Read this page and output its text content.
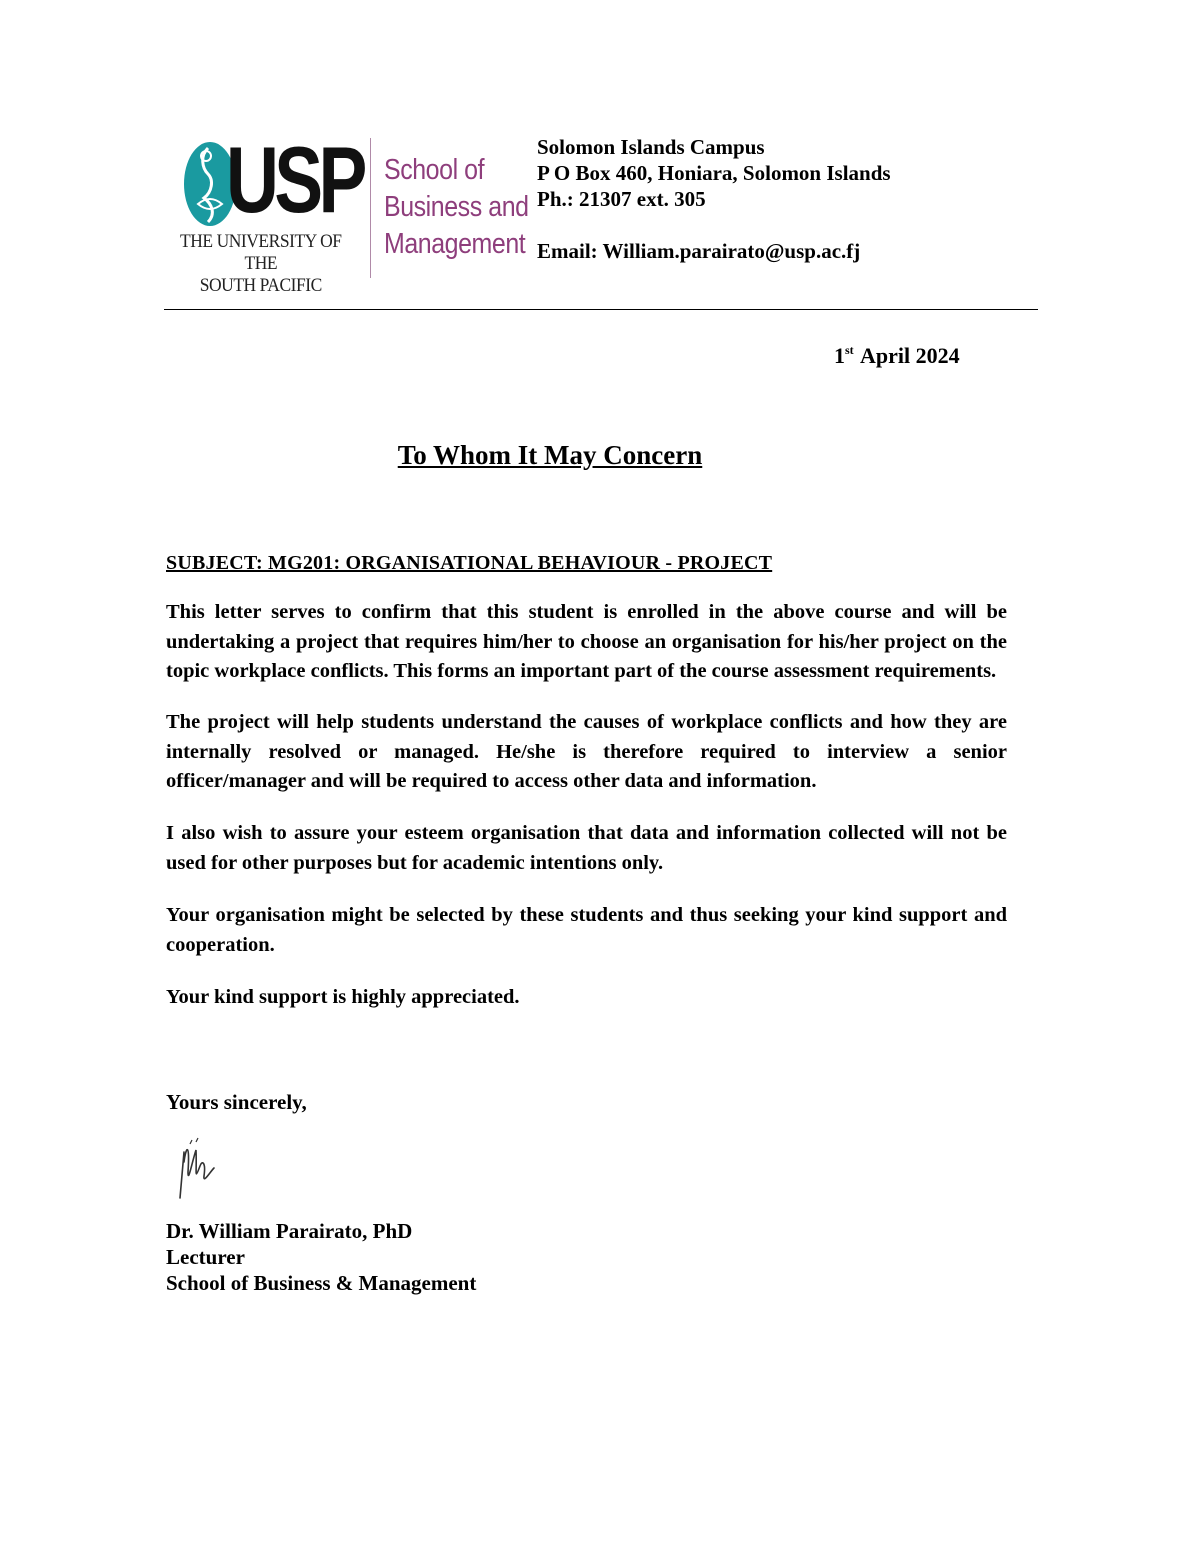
USP
THE UNIVERSITY OF THE
SOUTH PACIFIC
School of
Business and
Management
Solomon Islands Campus
P O Box 460, Honiara, Solomon Islands
Ph.: 21307 ext. 305
Email: William.parairato@usp.ac.fj
1st April 2024
To Whom It May Concern
SUBJECT: MG201: ORGANISATIONAL BEHAVIOUR - PROJECT
This letter serves to confirm that this student is enrolled in the above course and will be undertaking a project that requires him/her to choose an organisation for his/her project on the topic workplace conflicts. This forms an important part of the course assessment requirements.
The project will help students understand the causes of workplace conflicts and how they are internally resolved or managed. He/she is therefore required to interview a senior officer/manager and will be required to access other data and information.
I also wish to assure your esteem organisation that data and information collected will not be used for other purposes but for academic intentions only.
Your organisation might be selected by these students and thus seeking your kind support and cooperation.
Your kind support is highly appreciated.
Yours sincerely,
Dr. William Parairato, PhD
Lecturer
School of Business & Management
